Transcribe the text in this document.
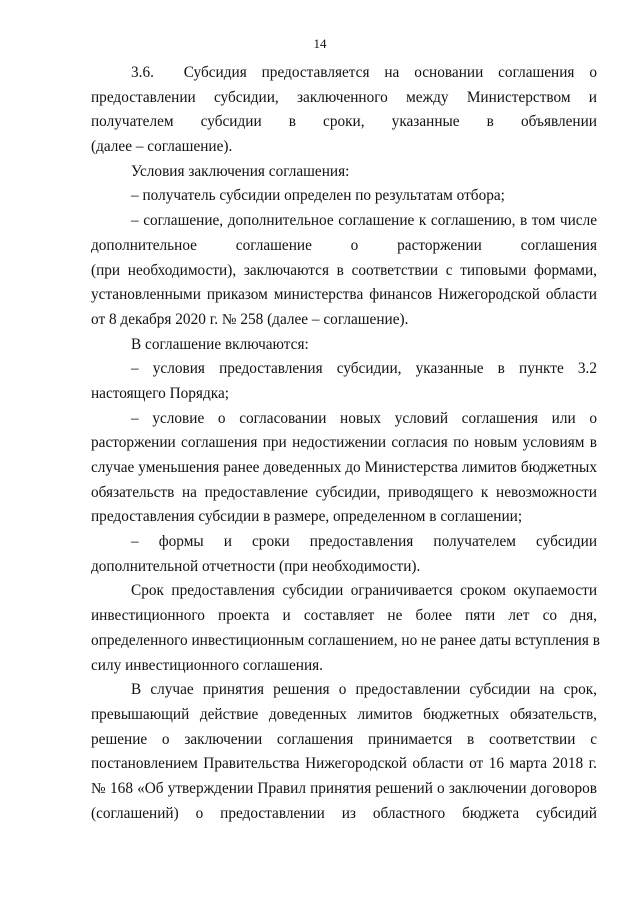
14
3.6.  Субсидия предоставляется на основании соглашения о
предоставлении субсидии, заключенного между Министерством и
получателем субсидии в сроки, указанные в объявлении
(далее – соглашение).
Условия заключения соглашения:
– получатель субсидии определен по результатам отбора;
– соглашение, дополнительное соглашение к соглашению, в том числе
дополнительное соглашение о расторжении соглашения
(при необходимости), заключаются в соответствии с типовыми формами,
установленными приказом министерства финансов Нижегородской области
от 8 декабря 2020 г. № 258 (далее – соглашение).
В соглашение включаются:
– условия предоставления субсидии, указанные в пункте 3.2
настоящего Порядка;
– условие о согласовании новых условий соглашения или о
расторжении соглашения при недостижении согласия по новым условиям в
случае уменьшения ранее доведенных до Министерства лимитов бюджетных
обязательств на предоставление субсидии, приводящего к невозможности
предоставления субсидии в размере, определенном в соглашении;
– формы и сроки предоставления получателем субсидии
дополнительной отчетности (при необходимости).
Срок предоставления субсидии ограничивается сроком окупаемости
инвестиционного проекта и составляет не более пяти лет со дня,
определенного инвестиционным соглашением, но не ранее даты вступления в
силу инвестиционного соглашения.
В случае принятия решения о предоставлении субсидии на срок,
превышающий действие доведенных лимитов бюджетных обязательств,
решение о заключении соглашения принимается в соответствии с
постановлением Правительства Нижегородской области от 16 марта 2018 г.
№ 168 «Об утверждении Правил принятия решений о заключении договоров
(соглашений) о предоставлении из областного бюджета субсидий
